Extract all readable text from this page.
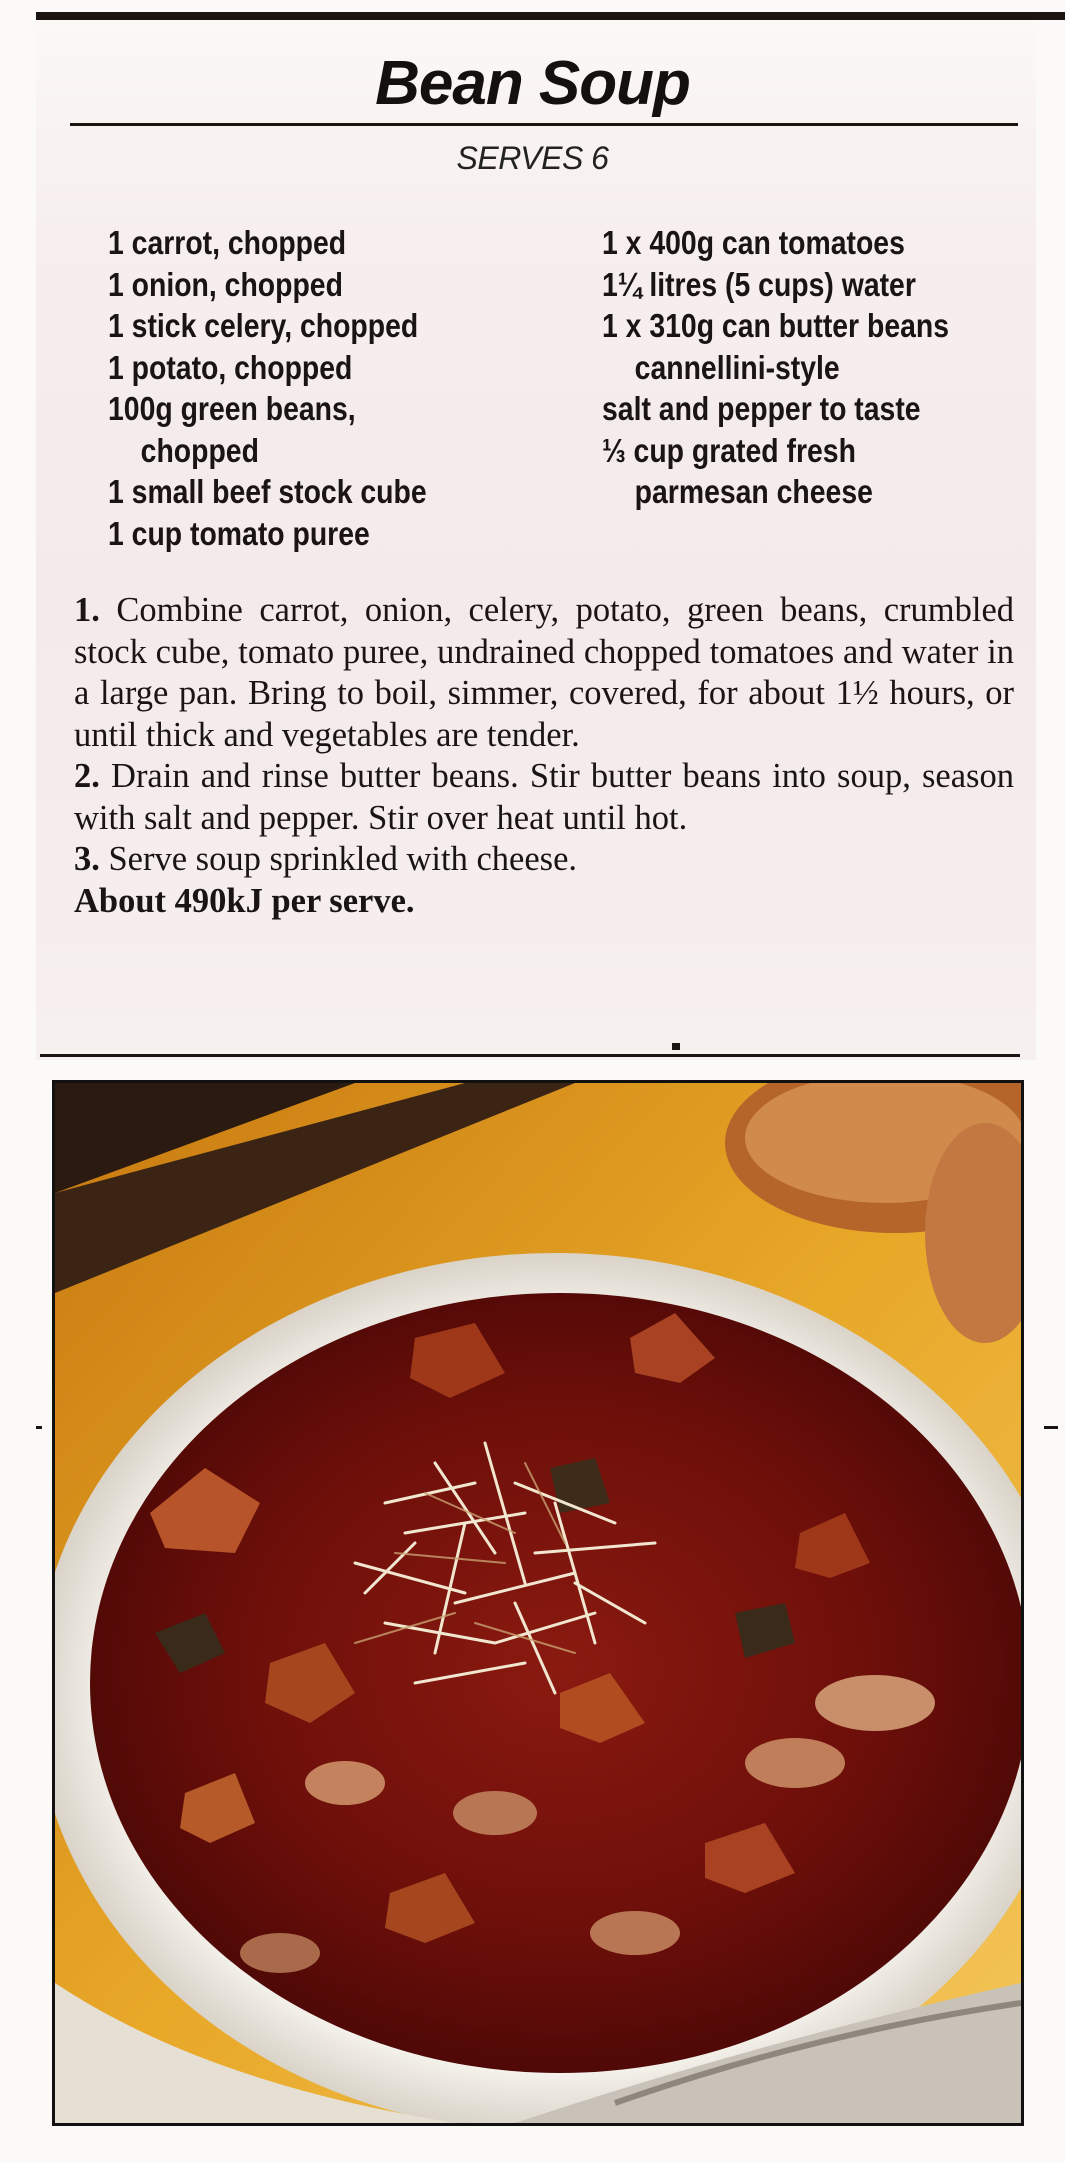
Bean Soup
SERVES 6
1 carrot, chopped
1 onion, chopped
1 stick celery, chopped
1 potato, chopped
100g green beans,
chopped
1 small beef stock cube
1 cup tomato puree
1 x 400g can tomatoes
1¼ litres (5 cups) water
1 x 310g can butter beans
cannellini-style
salt and pepper to taste
⅓ cup grated fresh
parmesan cheese

1. Combine carrot, onion, celery, potato, green beans, crumbled stock cube, tomato puree, undrained chopped tomatoes and water in a large pan. Bring to boil, simmer, covered, for about 1½ hours, or until thick and vegetables are tender.

2. Drain and rinse butter beans. Stir butter beans into soup, season with salt and pepper. Stir over heat until hot.

3. Serve soup sprinkled with cheese.

About 490kJ per serve.
